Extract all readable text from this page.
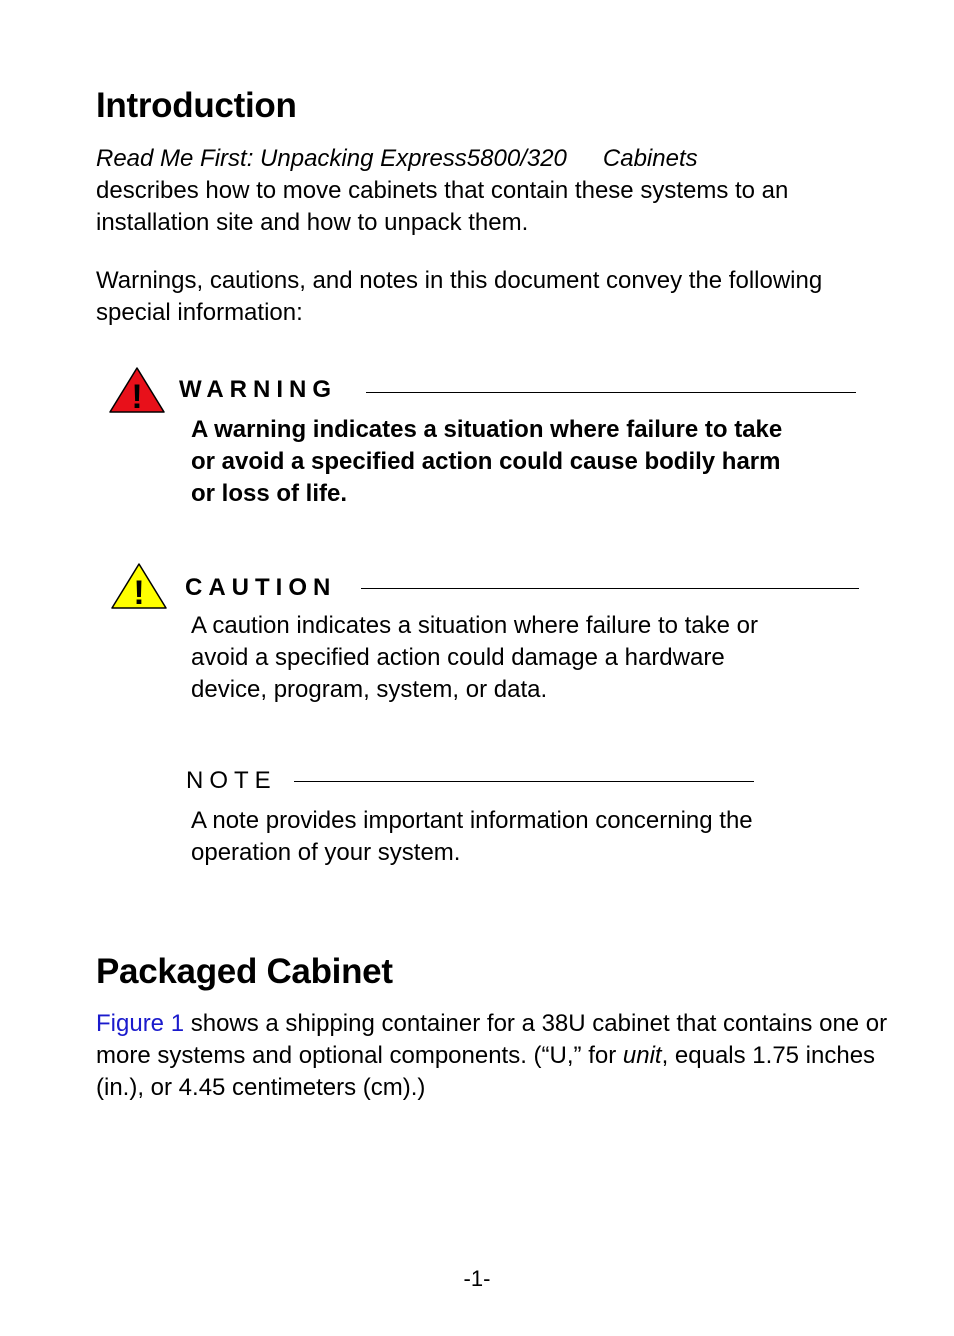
Introduction

Read Me First: Unpacking Express5800/320 Cabinets
describes how to move cabinets that contain these systems to an installation site and how to unpack them.

Warnings, cautions, and notes in this document convey the following special information:

! WARNING

A warning indicates a situation where failure to take or avoid a specified action could cause bodily harm or loss of life.

! CAUTION

A caution indicates a situation where failure to take or avoid a specified action could damage a hardware device, program, system, or data.

NOTE

A note provides important information concerning the operation of your system.

Packaged Cabinet

Figure 1 shows a shipping container for a 38U cabinet that contains one or more systems and optional components. (“U,” for unit, equals 1.75 inches (in.), or 4.45 centimeters (cm).)

-1-
